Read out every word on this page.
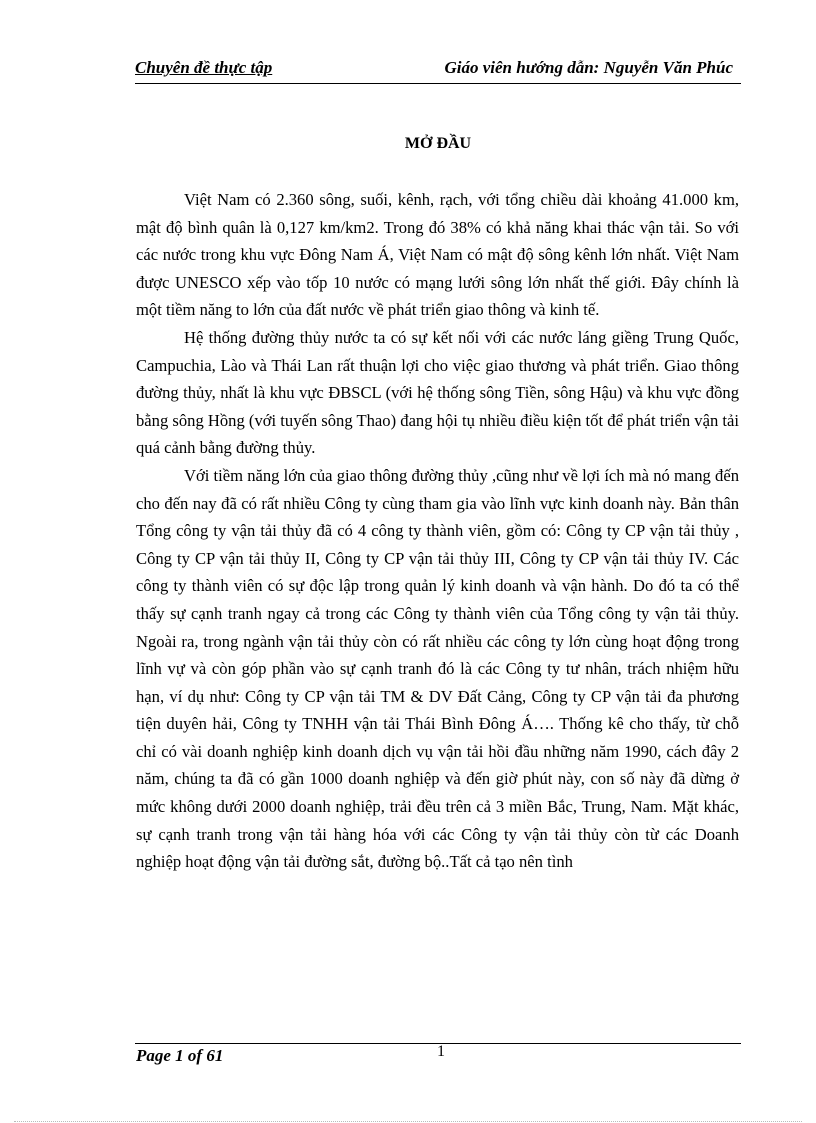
Chuyên đề thực tập	Giáo viên hướng dẫn: Nguyễn Văn Phúc
MỞ ĐẦU

Việt Nam có 2.360 sông, suối, kênh, rạch, với tổng chiều dài khoảng 41.000 km, mật độ bình quân là 0,127 km/km2. Trong đó 38% có khả năng khai thác vận tải. So với các nước trong khu vực Đông Nam Á, Việt Nam có mật độ sông kênh lớn nhất. Việt Nam được UNESCO xếp vào tốp 10 nước có mạng lưới sông lớn nhất thế giới. Đây chính là một tiềm năng to lớn của đất nước về phát triển giao thông và kinh tế.

Hệ thống đường thủy nước ta có sự kết nối với các nước láng giềng Trung Quốc, Campuchia, Lào và Thái Lan rất thuận lợi cho việc giao thương và phát triển. Giao thông đường thủy, nhất là khu vực ĐBSCL (với hệ thống sông Tiền, sông Hậu) và khu vực đồng bằng sông Hồng (với tuyến sông Thao) đang hội tụ nhiều điều kiện tốt để phát triển vận tải quá cảnh bằng đường thủy.

Với tiềm năng lớn của giao thông đường thủy ,cũng như về lợi ích mà nó mang đến cho đến nay đã có rất nhiều Công ty cùng tham gia vào lĩnh vực kinh doanh này. Bản thân Tổng công ty vận tải thủy đã có 4 công ty thành viên, gồm có: Công ty CP vận tải thủy , Công ty CP vận tải thủy II, Công ty CP vận tải thủy III, Công ty CP vận tải thủy IV. Các công ty thành viên có sự độc lập trong quản lý kinh doanh và vận hành. Do đó ta có thể thấy sự cạnh tranh ngay cả trong các Công ty thành viên của Tổng công ty vận tải thủy. Ngoài ra, trong ngành vận tải thủy còn có rất nhiều các công ty lớn cùng hoạt động trong lĩnh vự và còn góp phần vào sự cạnh tranh đó là các Công ty tư nhân, trách nhiệm hữu hạn, ví dụ như: Công ty CP vận tải TM & DV Đất Cảng, Công ty CP vận tải đa phương tiện duyên hải, Công ty TNHH vận tải Thái Bình Đông Á…. Thống kê cho thấy, từ chỗ chỉ có vài doanh nghiệp kinh doanh dịch vụ vận tải hồi đầu những năm 1990, cách đây 2 năm, chúng ta đã có gần 1000 doanh nghiệp và đến giờ phút này, con số này đã dừng ở mức không dưới 2000 doanh nghiệp, trải đều trên cả 3 miền Bắc, Trung, Nam. Mặt khác, sự cạnh tranh trong vận tải hàng hóa với các Công ty vận tải thủy còn từ các Doanh nghiệp hoạt động vận tải đường sắt, đường bộ..Tất cả tạo nên tình

Page 1 of 61	1
